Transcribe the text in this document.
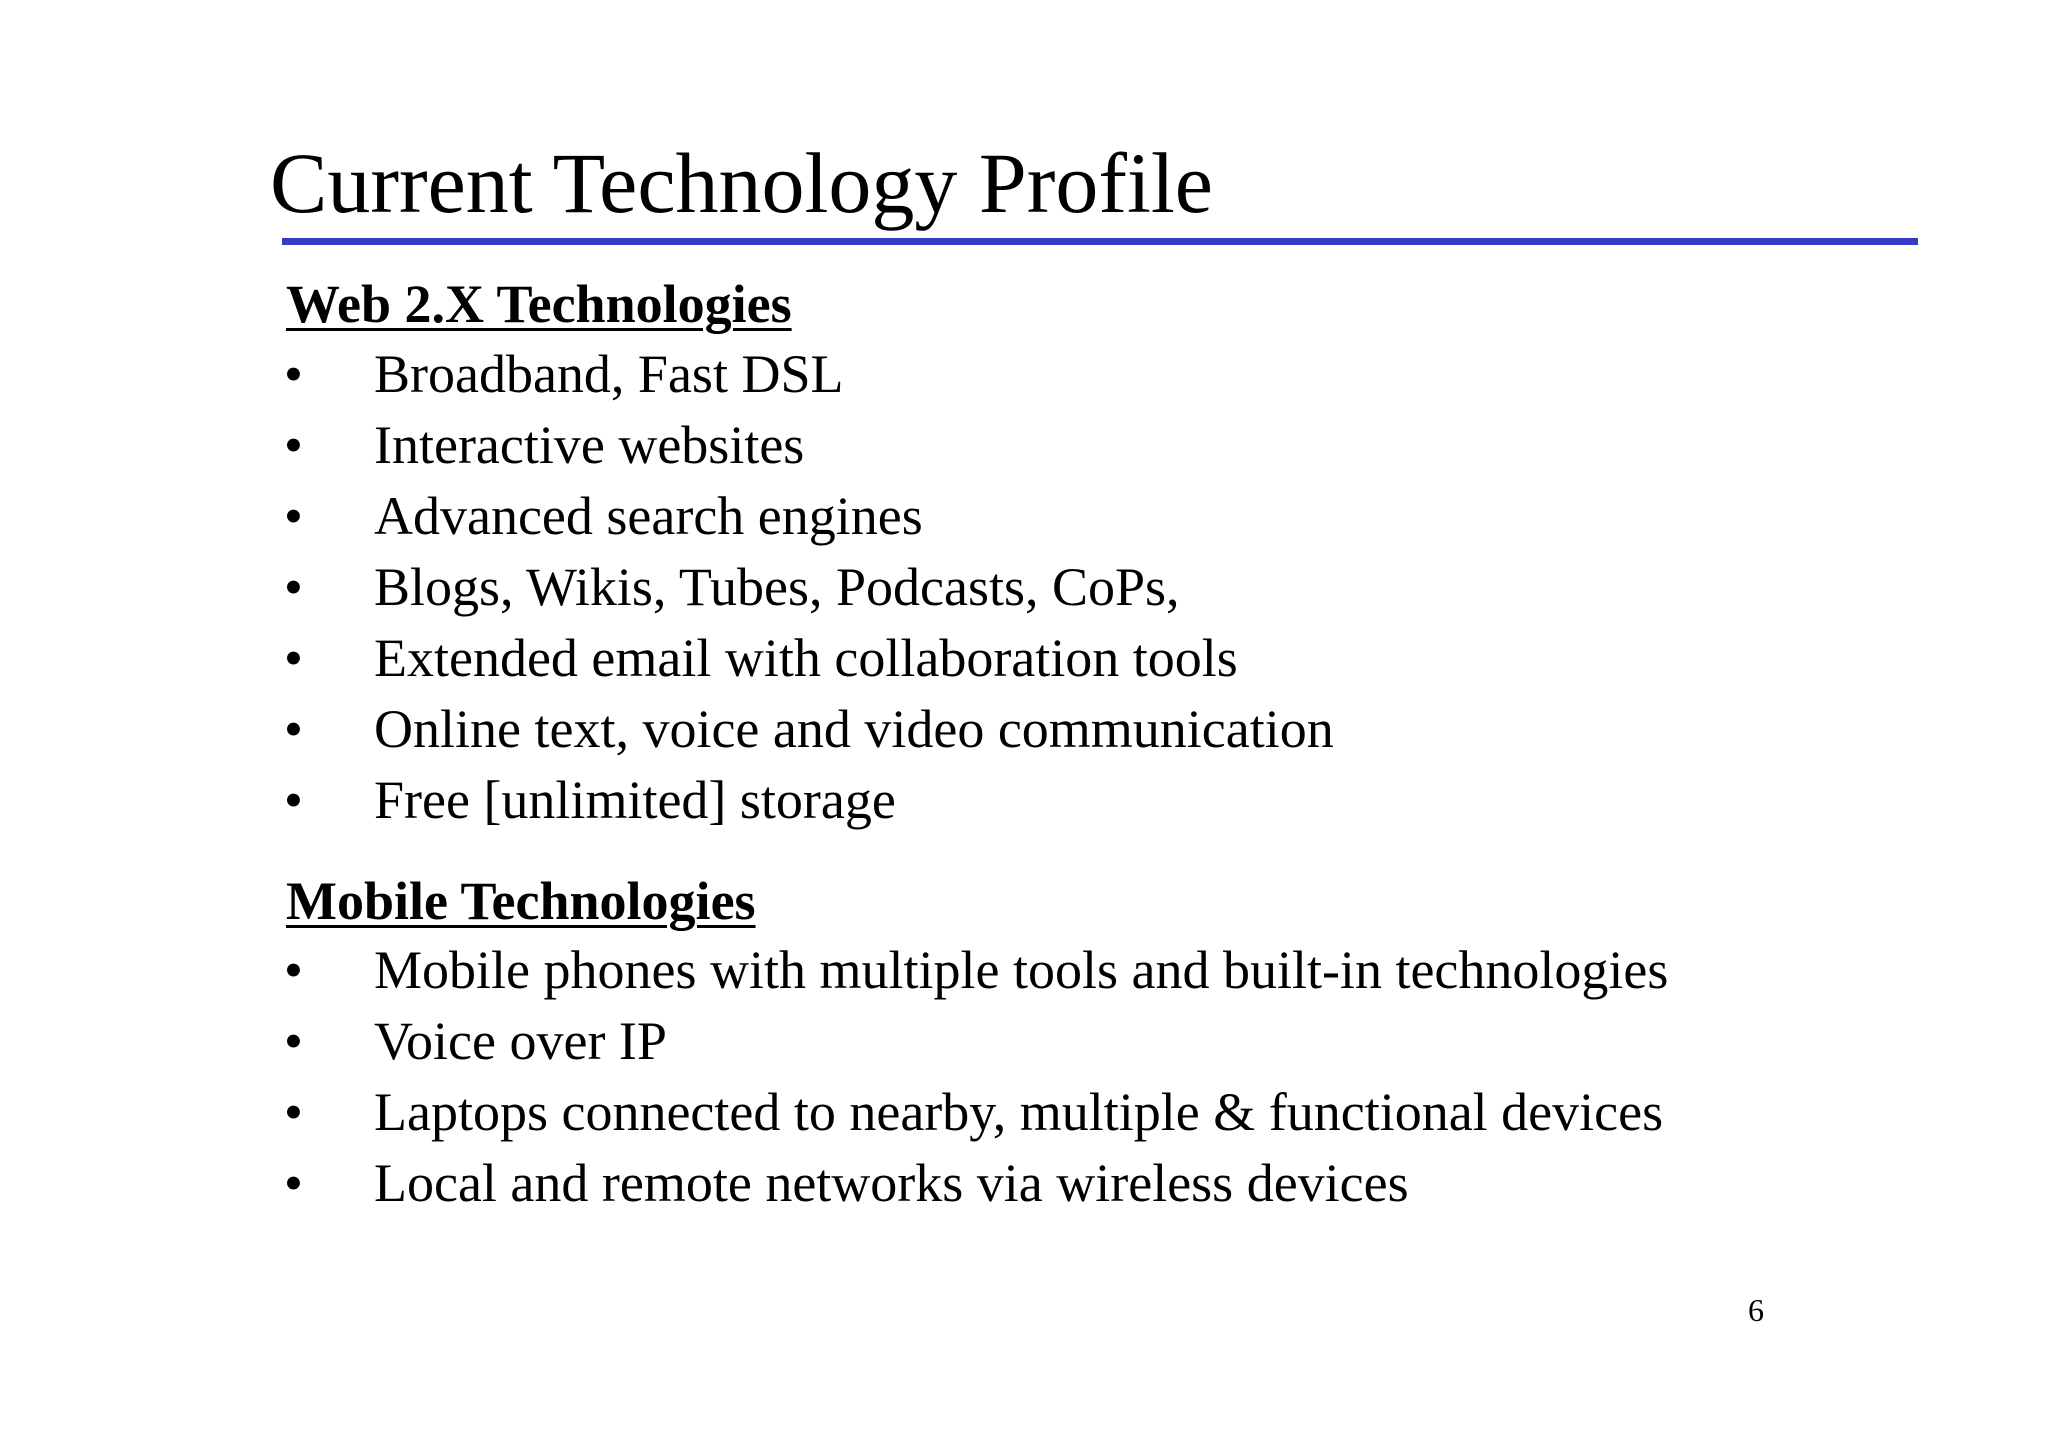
Current Technology Profile
Web 2.X Technologies
• Broadband, Fast DSL
• Interactive websites
• Advanced search engines
• Blogs, Wikis, Tubes, Podcasts, CoPs,
• Extended email with collaboration tools
• Online text, voice and video communication
• Free [unlimited] storage
Mobile Technologies
• Mobile phones with multiple tools and built-in technologies
• Voice over IP
• Laptops connected to nearby, multiple & functional devices
• Local and remote networks via wireless devices
6
